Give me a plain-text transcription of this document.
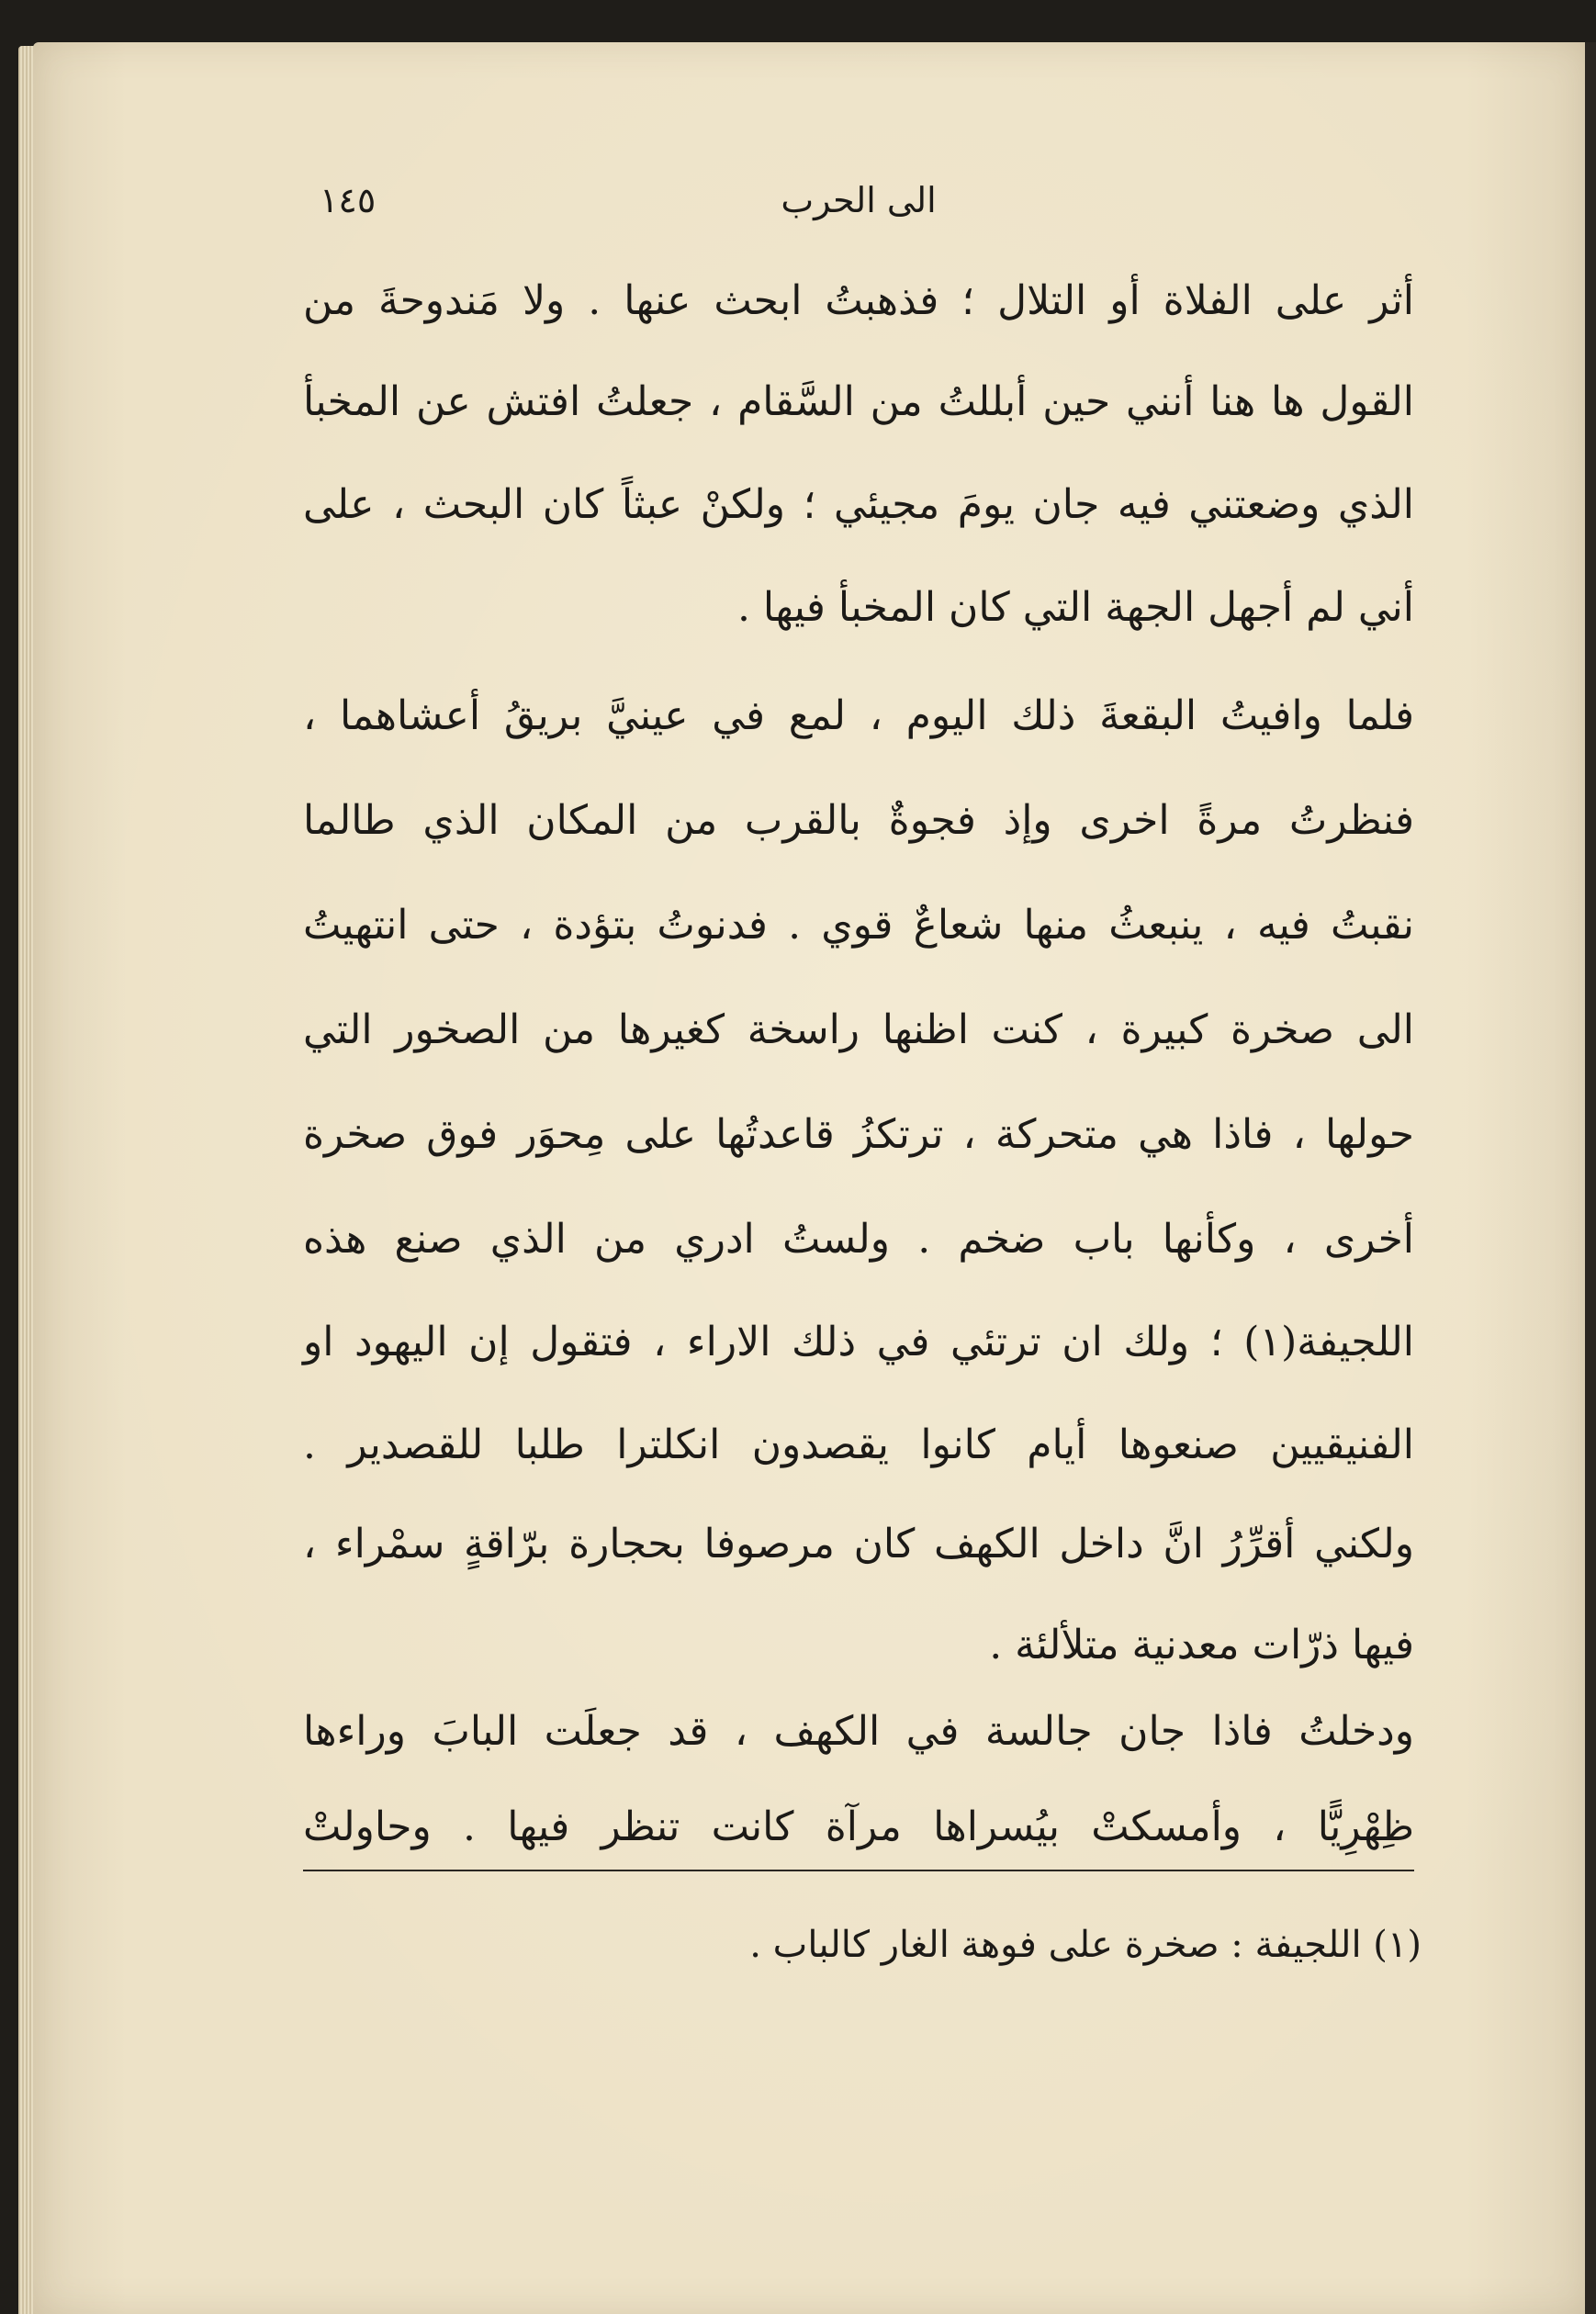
الى الحرب
١٤٥
أثر على الفلاة أو التلال ؛ فذهبتُ ابحث عنها . ولا مَندوحةَ من
القول ها هنا أنني حين أبللتُ من السَّقام ، جعلتُ افتش عن المخبأ
الذي وضعتني فيه جان يومَ مجيئي ؛ ولكنْ عبثاً كان البحث ، على
أني لم أجهل الجهة التي كان المخبأ فيها .
فلما وافيتُ البقعةَ ذلك اليوم ، لمع في عينيَّ بريقُ أعشاهما ،
فنظرتُ مرةً اخرى وإذ فجوةٌ بالقرب من المكان الذي طالما
نقبتُ فيه ، ينبعثُ منها شعاعٌ قوي . فدنوتُ بتؤدة ، حتى انتهيتُ
الى صخرة كبيرة ، كنت اظنها راسخة كغيرها من الصخور التي
حولها ، فاذا هي متحركة ، ترتكزُ قاعدتُها على مِحوَر فوق صخرة
أخرى ، وكأنها باب ضخم . ولستُ ادري من الذي صنع هذه
اللجيفة(١) ؛ ولك ان ترتئي في ذلك الاراء ، فتقول إن اليهود او
الفنيقيين صنعوها أيام كانوا يقصدون انكلترا طلبا للقصدير .
ولكني أقرِّرُ انَّ داخل الكهف كان مرصوفا بحجارة برّاقةٍ سمْراء ،
فيها ذرّات معدنية متلألئة .
ودخلتُ فاذا جان جالسة في الكهف ، قد جعلَت البابَ وراءها
ظِهْرِيًّا ، وأمسكتْ بيُسراها مرآة كانت تنظر فيها . وحاولتْ
(١) اللجيفة : صخرة على فوهة الغار كالباب .
